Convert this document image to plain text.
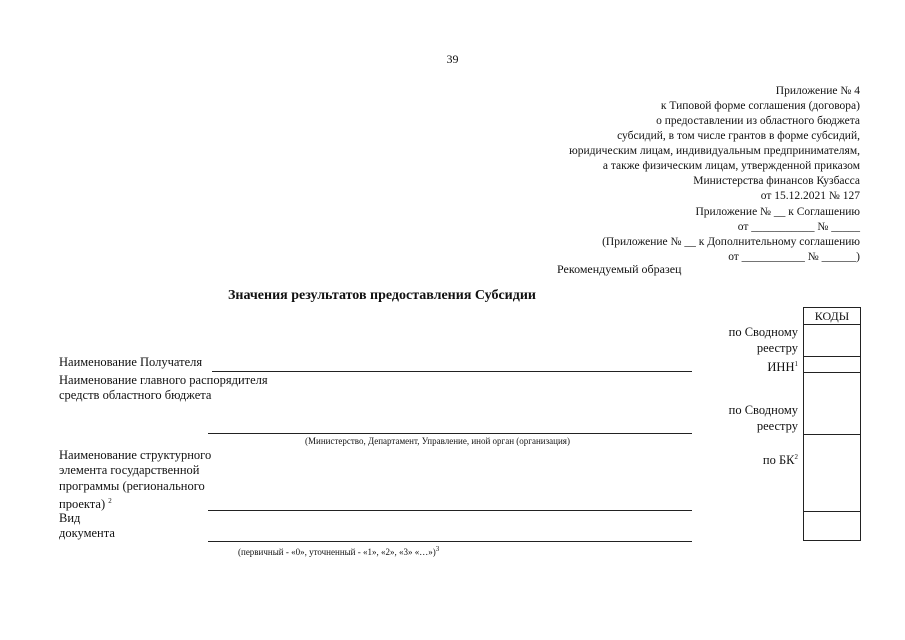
39
Приложение № 4
к Типовой форме соглашения (договора)
о предоставлении из областного бюджета
субсидий, в том числе грантов в форме субсидий,
юридическим лицам, индивидуальным предпринимателям,
а также физическим лицам, утвержденной приказом
Министерства финансов Кузбасса
от 15.12.2021 № 127
Приложение № __ к Соглашению
от ___________ № _____
(Приложение № __ к Дополнительному соглашению
от ___________ № ______)
Рекомендуемый образец
Значения результатов предоставления Субсидии
Наименование Получателя
Наименование главного распорядителя
средств областного бюджета
(Министерство, Департамент, Управление, иной орган (организация)
Наименование структурного
элемента государственной
программы (регионального
проекта) $^2$
Вид
документа
(первичный - «0», уточненный - «1», «2», «3» «…»)$^3$
по Сводному
реестру
ИНН$^1$
по Сводному
реестру
по $БК^2$
КОДЫ
